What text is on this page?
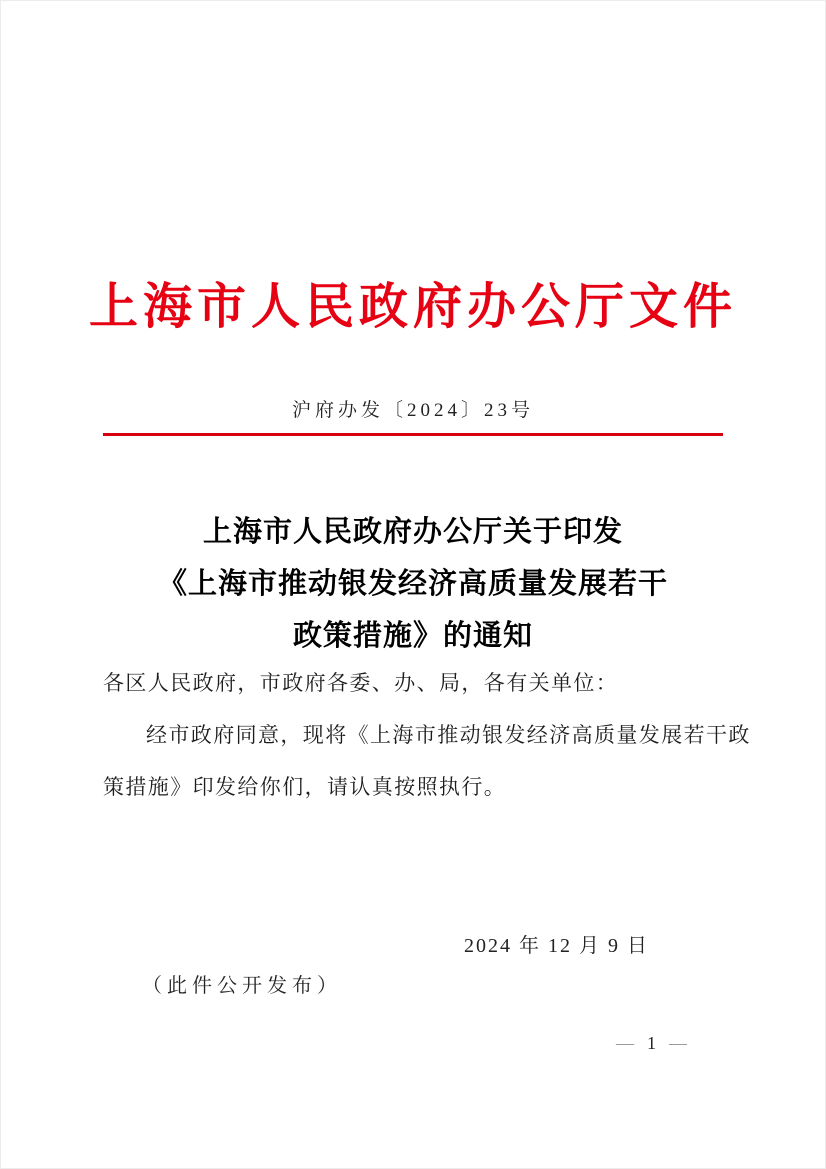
上海市人民政府办公厅文件
沪府办发〔2024〕23号
上海市人民政府办公厅关于印发
《上海市推动银发经济高质量发展若干
政策措施》的通知
各区人民政府，市政府各委、办、局，各有关单位：
经市政府同意，现将《上海市推动银发经济高质量发展若干政
策措施》印发给你们，请认真按照执行。
2024 年 12 月 9 日
（此件公开发布）
— 1 —
